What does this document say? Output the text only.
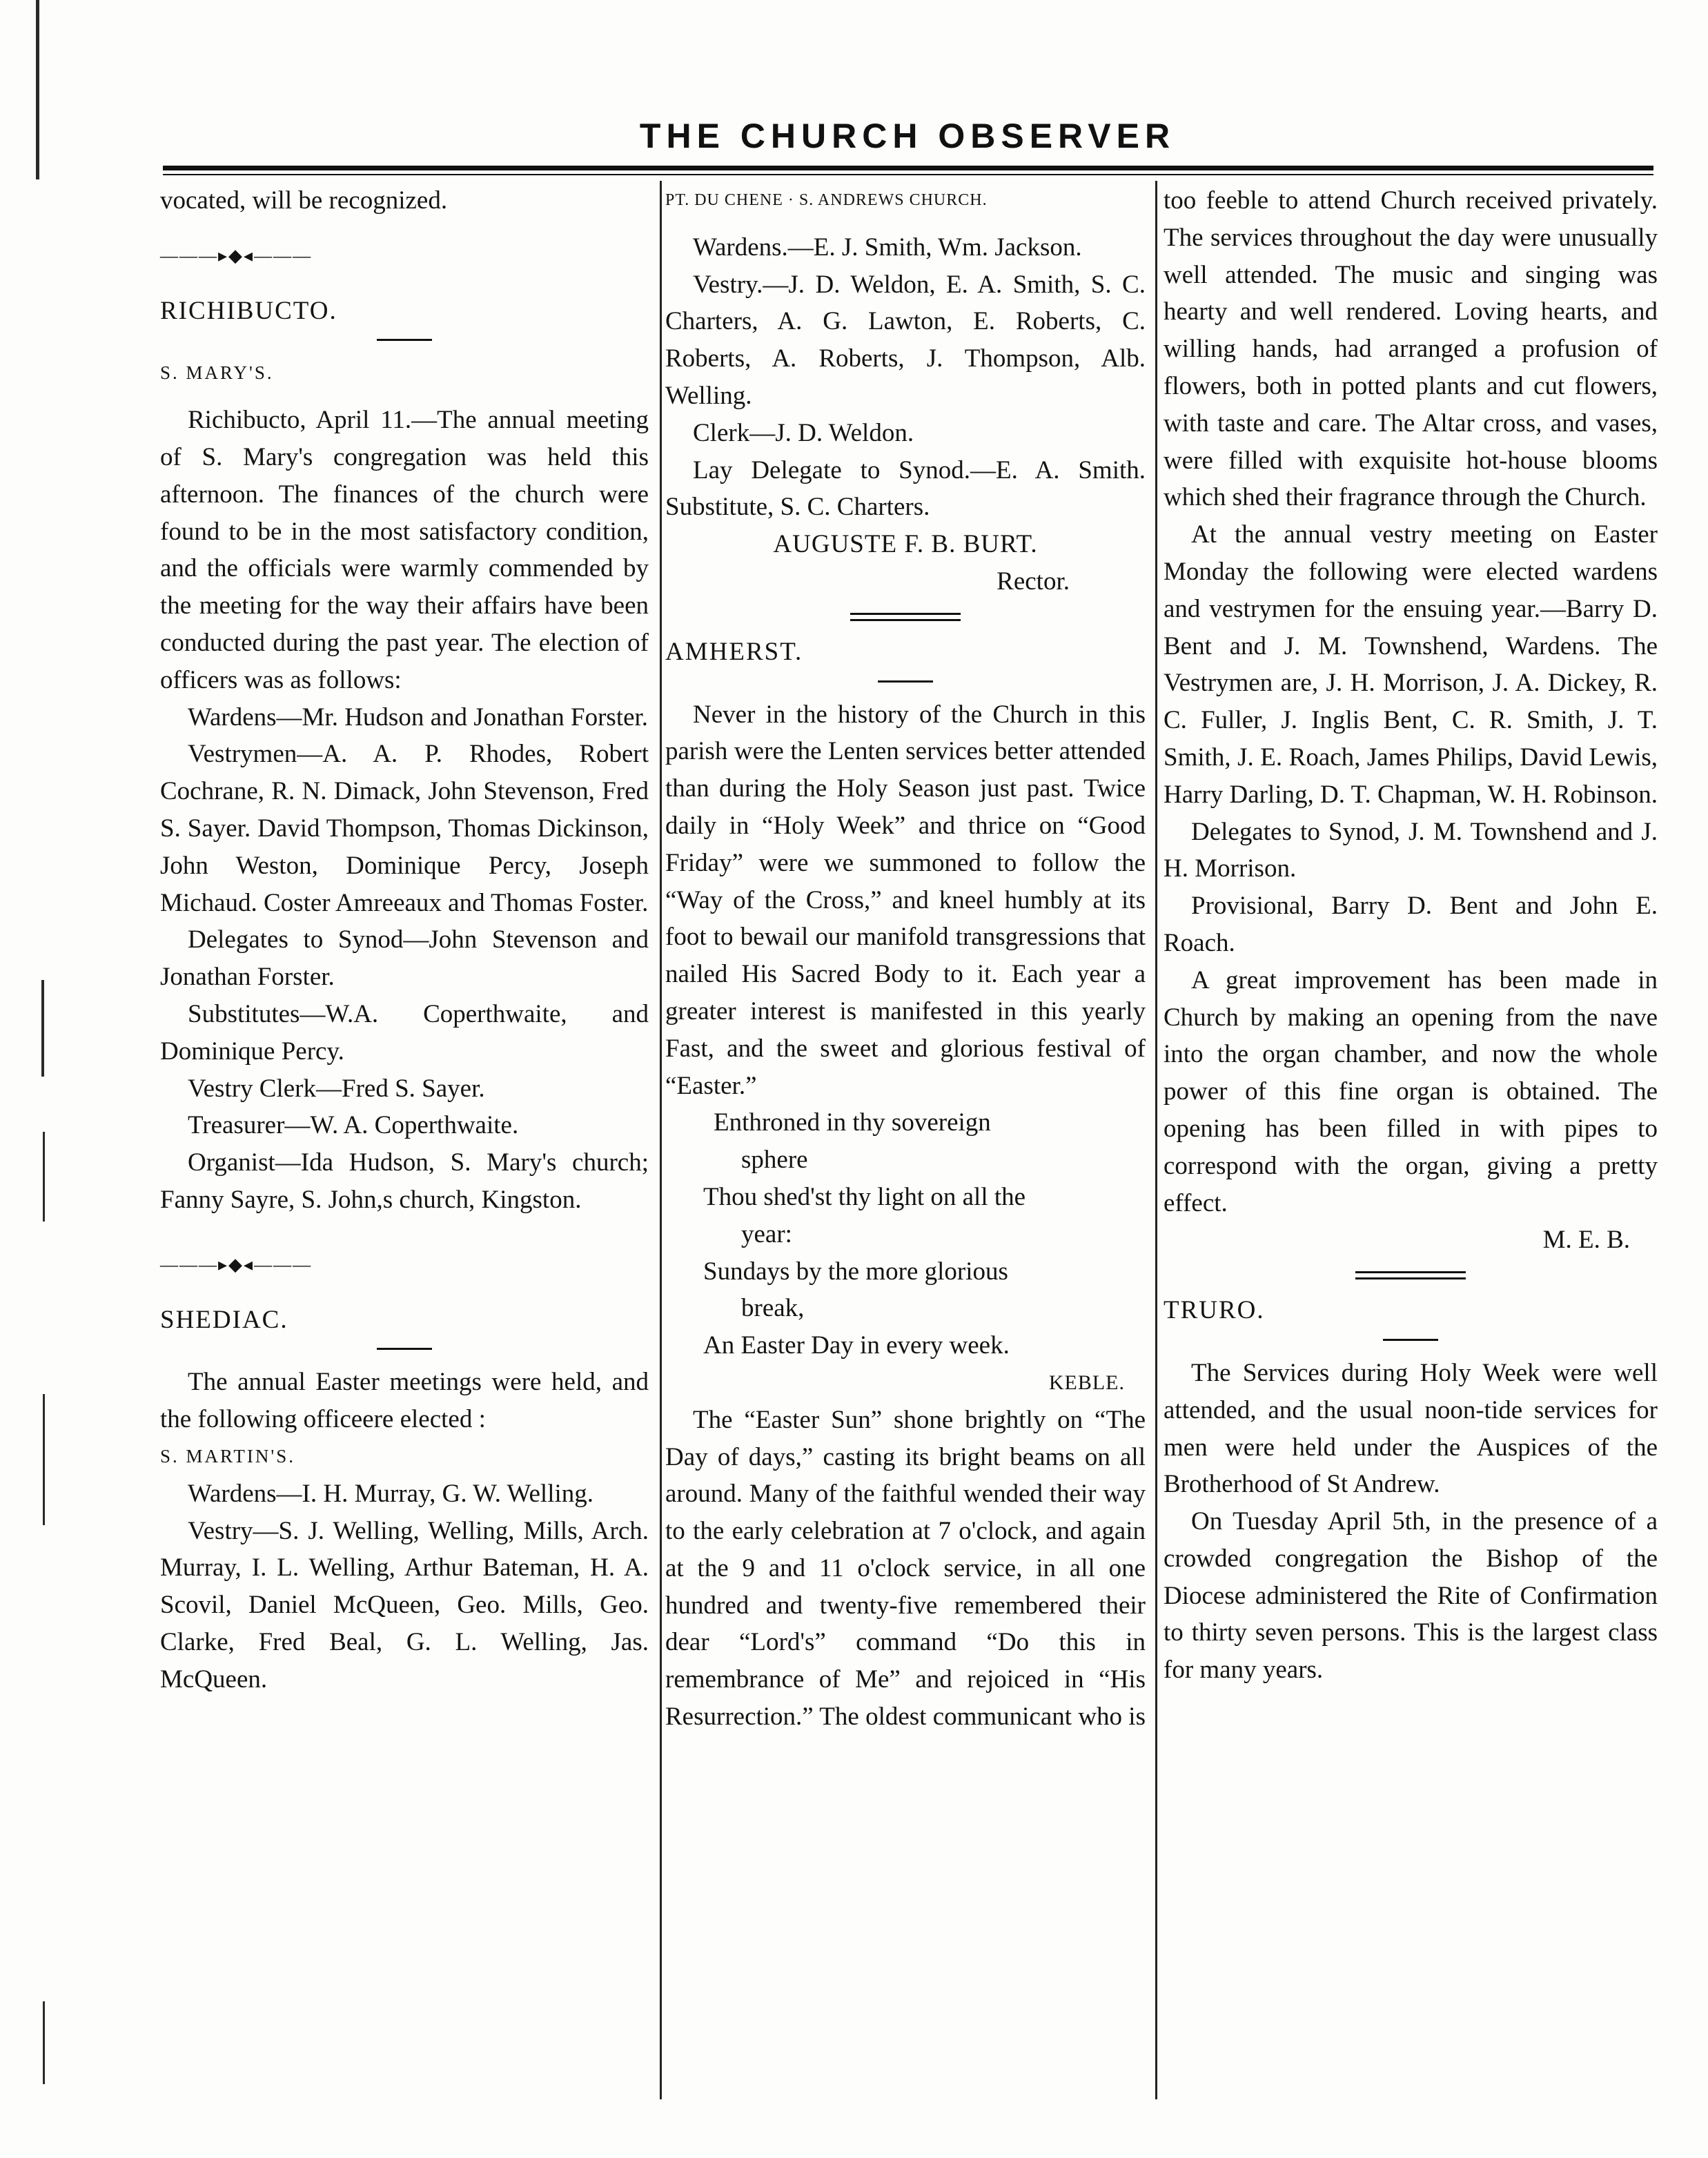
THE CHURCH OBSERVER

vocated, will be recognized.

———▸◆◂———

RICHIBUCTO.

S. MARY'S.

Richibucto, April 11.—The annual meeting of S. Mary's congregation was held this afternoon. The finances of the church were found to be in the most satisfactory condition, and the officials were warmly commended by the meeting for the way their affairs have been conducted during the past year. The election of officers was as follows:

Wardens—Mr. Hudson and Jonathan Forster.

Vestrymen—A. A. P. Rhodes, Robert Cochrane, R. N. Dimack, John Stevenson, Fred S. Sayer. David Thompson, Thomas Dickinson, John Weston, Dominique Percy, Joseph Michaud. Coster Amreeaux and Thomas Foster.

Delegates to Synod—John Stevenson and Jonathan Forster.

Substitutes—W.A. Coperthwaite, and Dominique Percy.

Vestry Clerk—Fred S. Sayer.

Treasurer—W. A. Coperthwaite.

Organist—Ida Hudson, S. Mary's church; Fanny Sayre, S. John,s church, Kingston.

———▸◆◂———

SHEDIAC.

The annual Easter meetings were held, and the following officeere elected :

S. MARTIN'S.

Wardens—I. H. Murray, G. W. Welling.

Vestry—S. J. Welling, Welling, Mills, Arch. Murray, I. L. Welling, Arthur Bateman, H. A. Scovil, Daniel McQueen, Geo. Mills, Geo. Clarke, Fred Beal, G. L. Welling, Jas. McQueen.

PT. DU CHENE · S. ANDREWS CHURCH.

Wardens.—E. J. Smith, Wm. Jackson.

Vestry.—J. D. Weldon, E. A. Smith, S. C. Charters, A. G. Lawton, E. Roberts, C. Roberts, A. Roberts, J. Thompson, Alb. Welling.

Clerk—J. D. Weldon.

Lay Delegate to Synod.—E. A. Smith. Substitute, S. C. Charters.

AUGUSTE F. B. BURT.

Rector.

AMHERST.

Never in the history of the Church in this parish were the Lenten services better attended than during the Holy Season just past. Twice daily in “Holy Week” and thrice on “Good Friday” were we summoned to follow the “Way of the Cross,” and kneel humbly at its foot to bewail our manifold transgressions that nailed His Sacred Body to it. Each year a greater interest is manifested in this yearly Fast, and the sweet and glorious festival of “Easter.”

Enthroned in thy sovereign

sphere

Thou shed'st thy light on all the

year:

Sundays by the more glorious

break,

An Easter Day in every week.

KEBLE.

The “Easter Sun” shone brightly on “The Day of days,” casting its bright beams on all around. Many of the faithful wended their way to the early celebration at 7 o'clock, and again at the 9 and 11 o'clock service, in all one hundred and twenty-five remembered their dear “Lord's” command “Do this in remembrance of Me” and rejoiced in “His Resurrection.” The oldest communicant who is

too feeble to attend Church received privately. The services throughout the day were unusually well attended. The music and singing was hearty and well rendered. Loving hearts, and willing hands, had arranged a profusion of flowers, both in potted plants and cut flowers, with taste and care. The Altar cross, and vases, were filled with exquisite hot-house blooms which shed their fragrance through the Church.

At the annual vestry meeting on Easter Monday the following were elected wardens and vestrymen for the ensuing year.—Barry D. Bent and J. M. Townshend, Wardens. The Vestrymen are, J. H. Morrison, J. A. Dickey, R. C. Fuller, J. Inglis Bent, C. R. Smith, J. T. Smith, J. E. Roach, James Philips, David Lewis, Harry Darling, D. T. Chapman, W. H. Robinson.

Delegates to Synod, J. M. Townshend and J. H. Morrison.

Provisional, Barry D. Bent and John E. Roach.

A great improvement has been made in Church by making an opening from the nave into the organ chamber, and now the whole power of this fine organ is obtained. The opening has been filled in with pipes to correspond with the organ, giving a pretty effect.

M. E. B.

TRURO.

The Services during Holy Week were well attended, and the usual noon-tide services for men were held under the Auspices of the Brotherhood of St Andrew.

On Tuesday April 5th, in the presence of a crowded congregation the Bishop of the Diocese administered the Rite of Confirmation to thirty seven persons. This is the largest class for many years.
